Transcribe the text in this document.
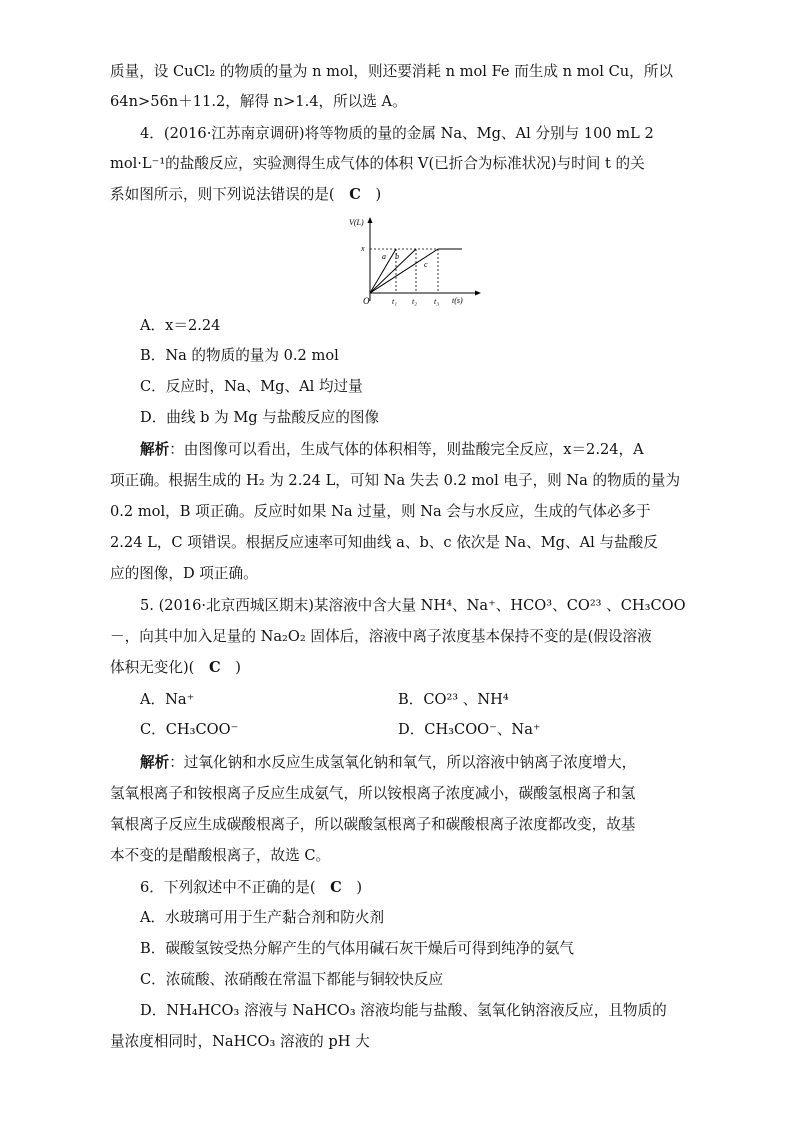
质量，设 CuCl₂ 的物质的量为 n mol，则还要消耗 n mol Fe 而生成 n mol Cu，所以
64n>56n＋11.2，解得 n>1.4，所以选 A。
4．(2016·江苏南京调研)将等物质的量的金属 Na、Mg、Al 分别与 100 mL 2
mol·L⁻¹的盐酸反应，实验测得生成气体的体积 V(已折合为标准状况)与时间 t 的关
系如图所示，则下列说法错误的是( C )
V(L)
t(s)
x
O
a b
c
t₁ t₂ t₃
A．x＝2.24
B．Na 的物质的量为 0.2 mol
C．反应时，Na、Mg、Al 均过量
D．曲线 b 为 Mg 与盐酸反应的图像
解析：由图像可以看出，生成气体的体积相等，则盐酸完全反应，x＝2.24，A
项正确。根据生成的 H₂ 为 2.24 L，可知 Na 失去 0.2 mol 电子，则 Na 的物质的量为
0.2 mol，B 项正确。反应时如果 Na 过量，则 Na 会与水反应，生成的气体必多于
2.24 L，C 项错误。根据反应速率可知曲线 a、b、c 依次是 Na、Mg、Al 与盐酸反
应的图像，D 项正确。
5. (2016·北京西城区期末)某溶液中含大量 NH⁴、Na⁺、HCO³、CO²³ 、CH₃COO
－，向其中加入足量的 Na₂O₂ 固体后，溶液中离子浓度基本保持不变的是(假设溶液
体积无变化)( C )
A．Na⁺	B．CO²³ 、NH⁴
C．CH₃COO⁻	D．CH₃COO⁻、Na⁺
解析：过氧化钠和水反应生成氢氧化钠和氧气，所以溶液中钠离子浓度增大，
氢氧根离子和铵根离子反应生成氨气，所以铵根离子浓度减小，碳酸氢根离子和氢
氧根离子反应生成碳酸根离子，所以碳酸氢根离子和碳酸根离子浓度都改变，故基
本不变的是醋酸根离子，故选 C。
6．下列叙述中不正确的是( C )
A．水玻璃可用于生产黏合剂和防火剂
B．碳酸氢铵受热分解产生的气体用碱石灰干燥后可得到纯净的氨气
C．浓硫酸、浓硝酸在常温下都能与铜较快反应
D．NH₄HCO₃ 溶液与 NaHCO₃ 溶液均能与盐酸、氢氧化钠溶液反应，且物质的
量浓度相同时，NaHCO₃ 溶液的 pH 大
